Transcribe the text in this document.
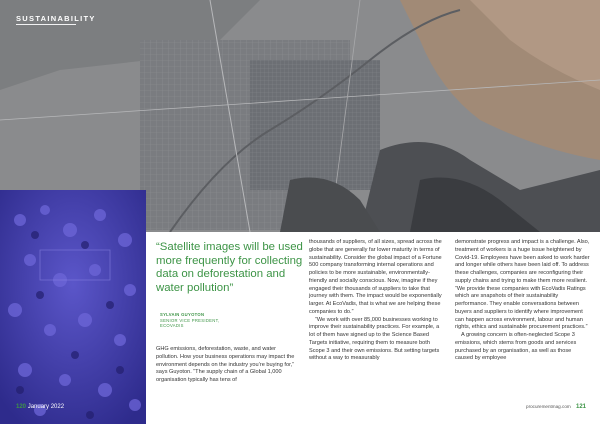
SUSTAINABILITY
“Satellite images will be used more frequently for collecting data on deforestation and water pollution”
SYLVAIN GUYOTON
SENIOR VICE PRESIDENT,
ECOVADIS

GHG emissions, deforestation, waste, and water pollution. How your business operations may impact the environment depends on the industry you’re buying for,” says Guyoton. “The supply chain of a Global 1,000 organisation typically has tens of

thousands of suppliers, of all sizes, spread across the globe that are generally far lower maturity in terms of sustainability. Consider the global impact of a Fortune 500 company transforming internal operations and policies to be more sustainable, environmentally-friendly and socially conscious. Now, imagine if they engaged their thousands of suppliers to take that journey with them. The impact would be exponentially larger. At EcoVadis, that is what we are helping these companies to do.”

“We work with over 85,000 businesses working to improve their sustainability practices. For example, a lot of them have signed up to the Science Based Targets initiative, requiring them to measure both Scope 3 and their own emissions. But setting targets without a way to measurably

demonstrate progress and impact is a challenge. Also, treatment of workers is a huge issue heightened by Covid-19. Employees have been asked to work harder and longer while others have been laid off. To address these challenges, companies are reconfiguring their supply chains and trying to make them more resilient. “We provide these companies with EcoVadis Ratings which are snapshots of their sustainability performance. They enable conversations between buyers and suppliers to identify where improvement can happen across environment, labour and human rights, ethics and sustainable procurement practices.”

A growing concern is often-neglected Scope 3 emissions, which stems from goods and services purchased by an organisation, as well as those caused by employee

120 January 2022	procurementmag.com 121
